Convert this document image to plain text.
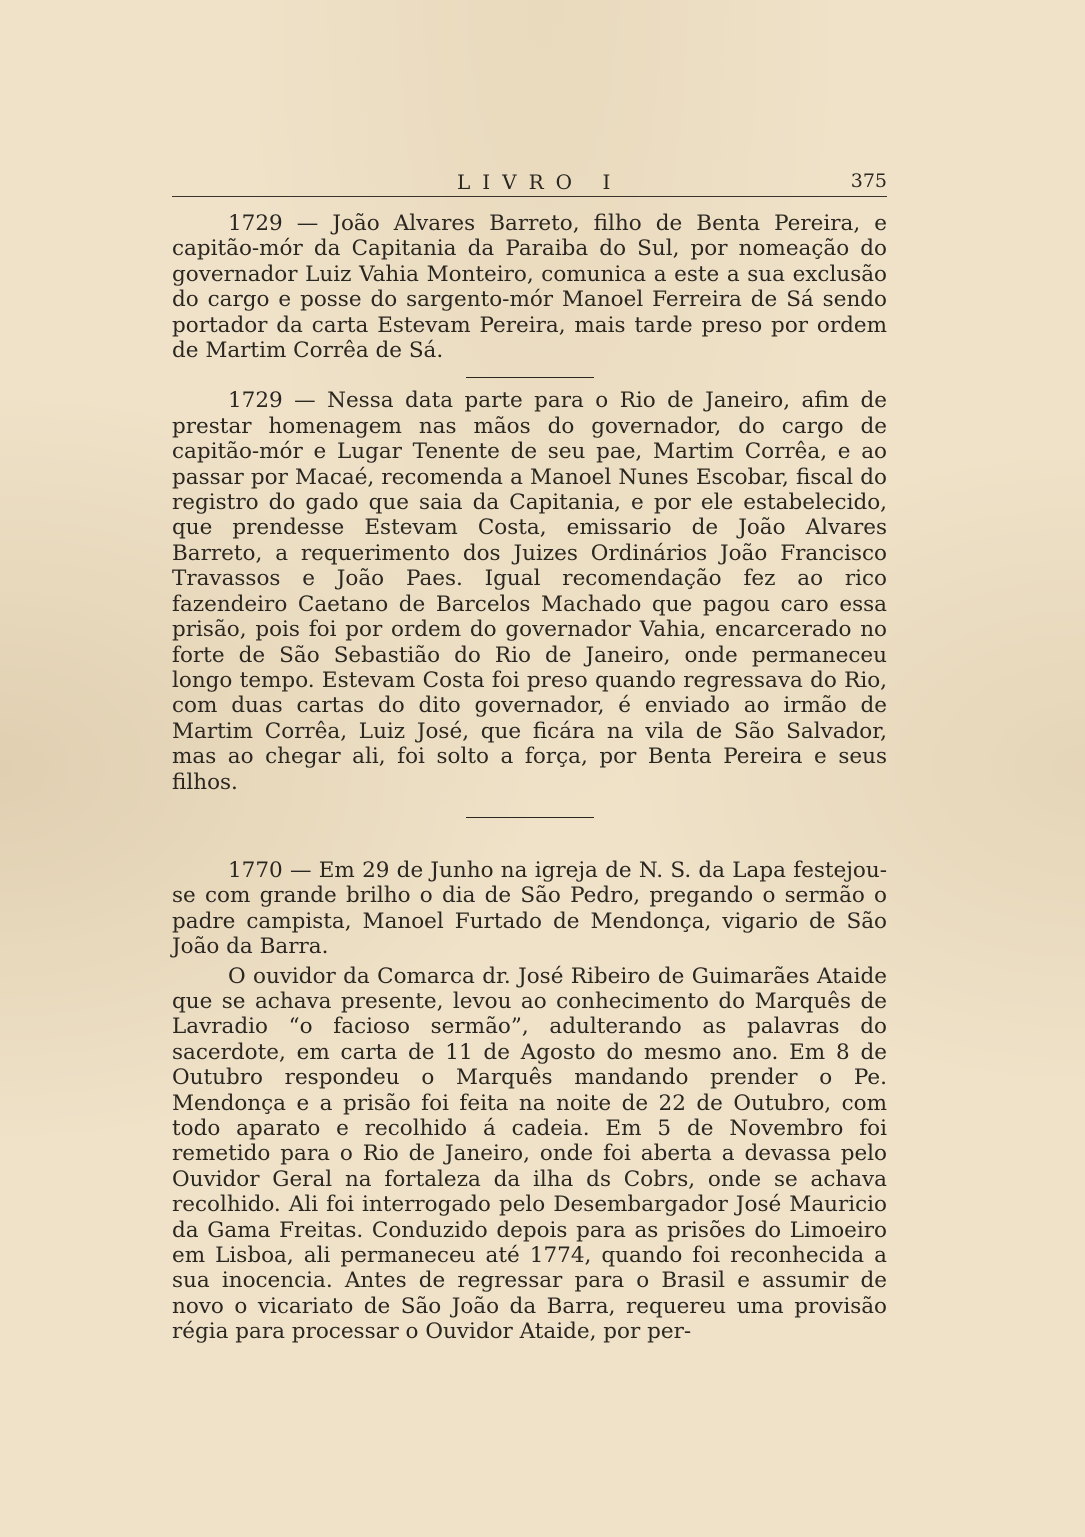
LIVRO I	375

1729 — João Alvares Barreto, filho de Benta Pereira, e capitão-mór da Capitania da Paraiba do Sul, por nomeação do governador Luiz Vahia Monteiro, comunica a este a sua exclusão do cargo e posse do sargento-mór Manoel Ferreira de Sá sendo portador da carta Estevam Pereira, mais tarde preso por ordem de Martim Corrêa de Sá.

1729 — Nessa data parte para o Rio de Janeiro, afim de prestar homenagem nas mãos do governador, do cargo de capitão-mór e Lugar Tenente de seu pae, Martim Corrêa, e ao passar por Macaé, recomenda a Manoel Nunes Escobar, fiscal do registro do gado que saia da Capitania, e por ele estabelecido, que prendesse Estevam Costa, emissario de João Alvares Barreto, a requerimento dos Juizes Ordinários João Francisco Travassos e João Paes. Igual recomendação fez ao rico fazendeiro Caetano de Barcelos Machado que pagou caro essa prisão, pois foi por ordem do governador Vahia, encarcerado no forte de São Sebastião do Rio de Janeiro, onde permaneceu longo tempo. Estevam Costa foi preso quando regressava do Rio, com duas cartas do dito governador, é enviado ao irmão de Martim Corrêa, Luiz José, que ficára na vila de São Salvador, mas ao chegar ali, foi solto a força, por Benta Pereira e seus filhos.

1770 — Em 29 de Junho na igreja de N. S. da Lapa festejou-se com grande brilho o dia de São Pedro, pregando o sermão o padre campista, Manoel Furtado de Mendonça, vigario de São João da Barra.

O ouvidor da Comarca dr. José Ribeiro de Guimarães Ataide que se achava presente, levou ao conhecimento do Marquês de Lavradio “o facioso sermão”, adulterando as palavras do sacerdote, em carta de 11 de Agosto do mesmo ano. Em 8 de Outubro respondeu o Marquês mandando prender o Pe. Mendonça e a prisão foi feita na noite de 22 de Outubro, com todo aparato e recolhido á cadeia. Em 5 de Novembro foi remetido para o Rio de Janeiro, onde foi aberta a devassa pelo Ouvidor Geral na fortaleza da ilha ds Cobrs, onde se achava recolhido. Ali foi interrogado pelo Desembargador José Mauricio da Gama Freitas. Conduzido depois para as prisões do Limoeiro em Lisboa, ali permaneceu até 1774, quando foi reconhecida a sua inocencia. Antes de regressar para o Brasil e assumir de novo o vicariato de São João da Barra, requereu uma provisão régia para processar o Ouvidor Ataide, por per-
